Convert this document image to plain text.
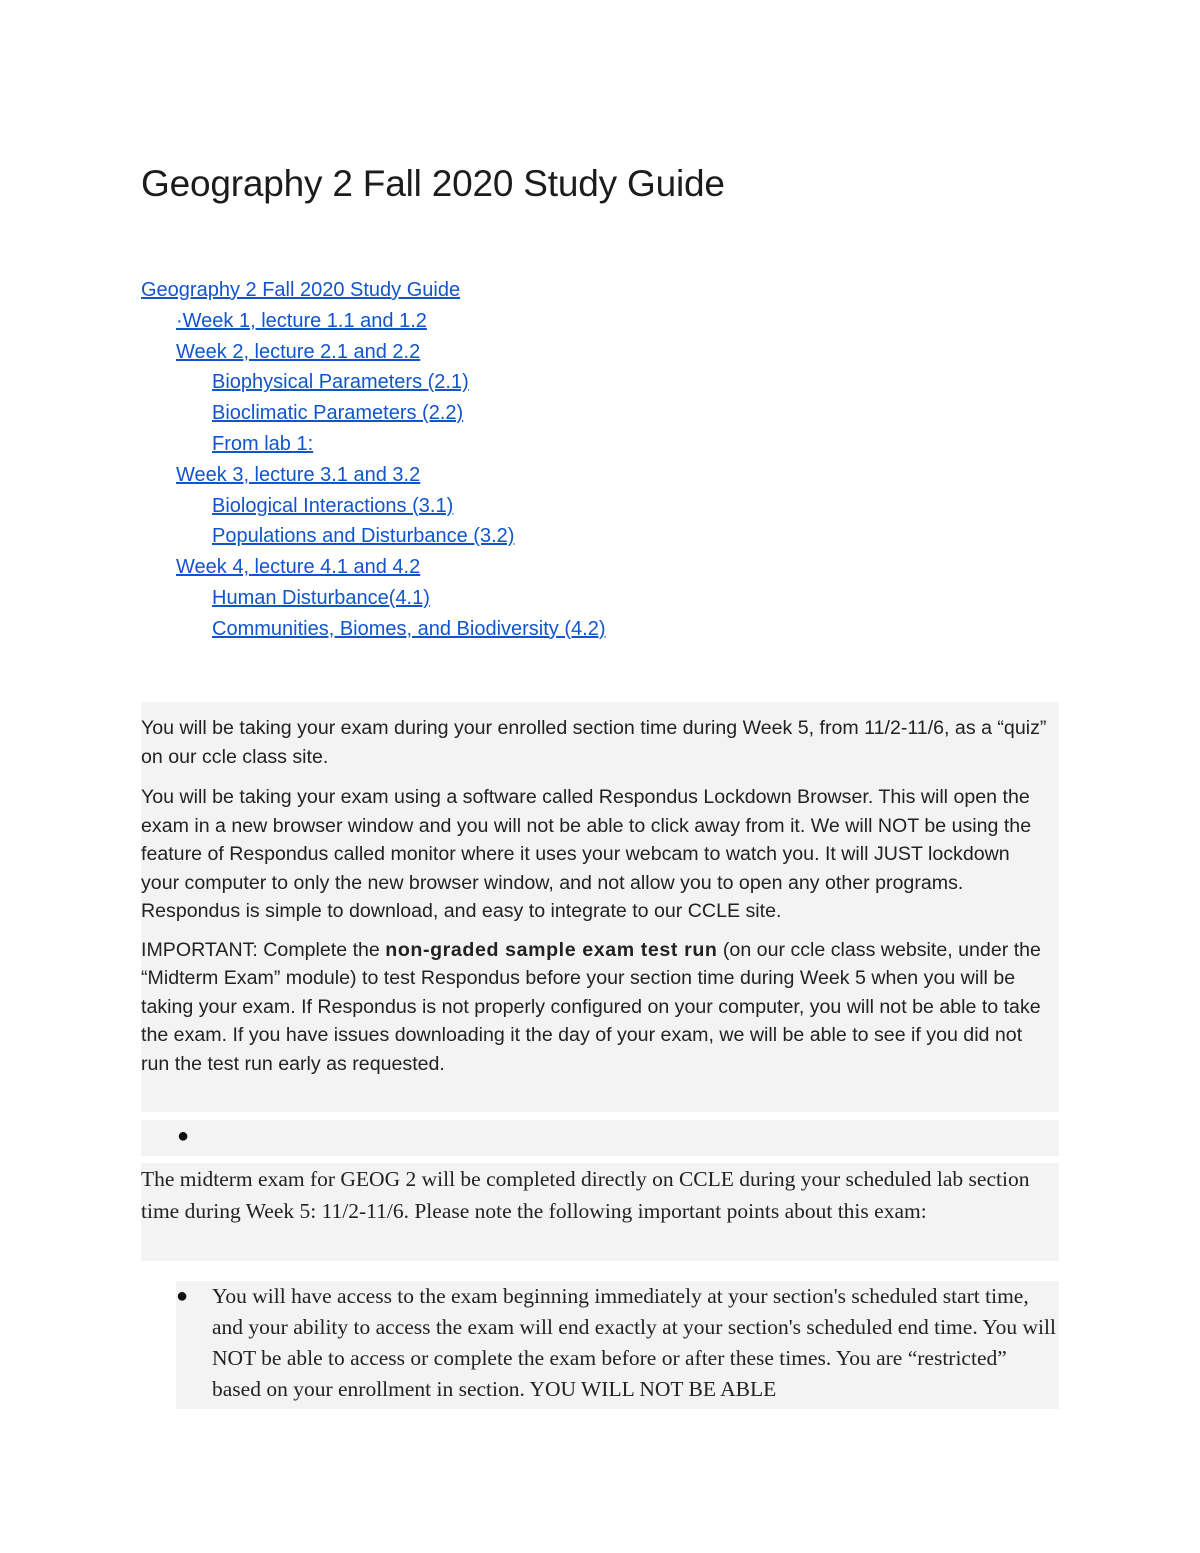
Geography 2 Fall 2020 Study Guide
Geography 2 Fall 2020 Study Guide
·Week 1, lecture 1.1 and 1.2
Week 2, lecture 2.1 and 2.2
Biophysical Parameters (2.1)
Bioclimatic Parameters (2.2)
From lab 1:
Week 3, lecture 3.1 and 3.2
Biological Interactions (3.1)
Populations and Disturbance (3.2)
Week 4, lecture 4.1 and 4.2
Human Disturbance(4.1)
Communities, Biomes, and Biodiversity (4.2)

You will be taking your exam during your enrolled section time during Week 5, from 11/2-11/6, as a “quiz” on our ccle class site.

You will be taking your exam using a software called Respondus Lockdown Browser. This will open the exam in a new browser window and you will not be able to click away from it. We will NOT be using the feature of Respondus called monitor where it uses your webcam to watch you. It will JUST lockdown your computer to only the new browser window, and not allow you to open any other programs. Respondus is simple to download, and easy to integrate to our CCLE site.

IMPORTANT: Complete the non-graded sample exam test run (on our ccle class website, under the “Midterm Exam” module) to test Respondus before your section time during Week 5 when you will be taking your exam. If Respondus is not properly configured on your computer, you will not be able to take the exam. If you have issues downloading it the day of your exam, we will be able to see if you did not run the test run early as requested.

●

The midterm exam for GEOG 2 will be completed directly on CCLE during your scheduled lab section time during Week 5: 11/2-11/6. Please note the following important points about this exam:

●	You will have access to the exam beginning immediately at your section's scheduled start time, and your ability to access the exam will end exactly at your section's scheduled end time. You will NOT be able to access or complete the exam before or after these times. You are “restricted” based on your enrollment in section. YOU WILL NOT BE ABLE
